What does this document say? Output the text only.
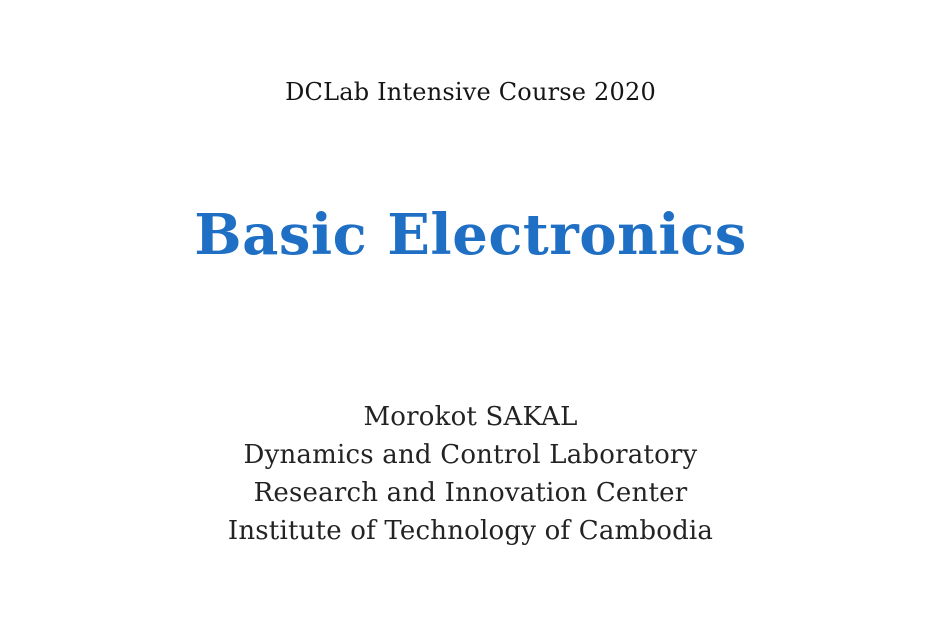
DCLab Intensive Course 2020
Basic Electronics
Morokot SAKAL
Dynamics and Control Laboratory
Research and Innovation Center
Institute of Technology of Cambodia
